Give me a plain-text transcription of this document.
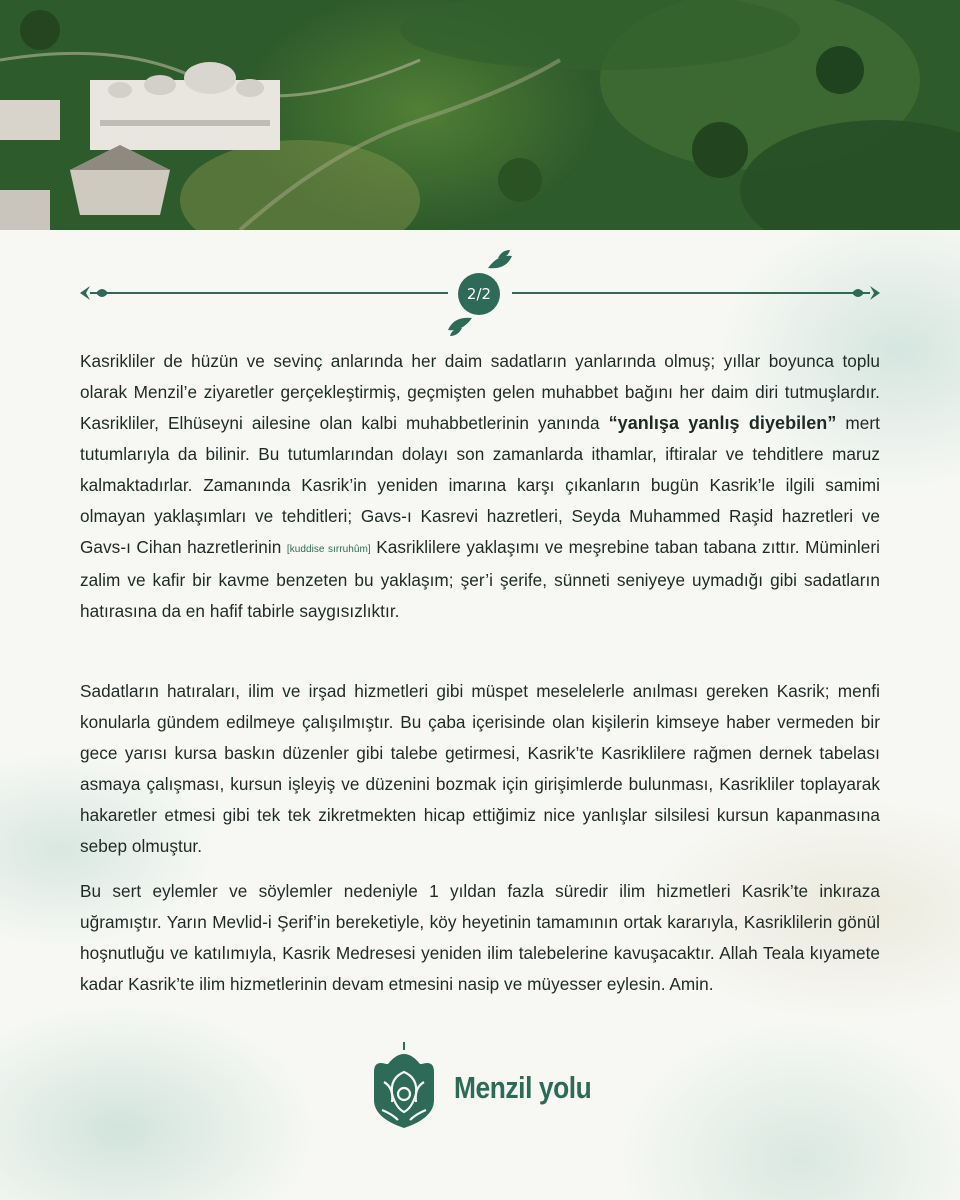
2/2
Kasrikliler de hüzün ve sevinç anlarında her daim sadatların yanlarında olmuş; yıllar boyunca toplu olarak Menzil’e ziyaretler gerçekleştirmiş, geçmişten gelen muhabbet bağını her daim diri tutmuşlardır. Kasrikliler, Elhüseyni ailesine olan kalbi muhabbetlerinin yanında “yanlışa yanlış diyebilen” mert tutumlarıyla da bilinir. Bu tutumlarından dolayı son zamanlarda ithamlar, iftiralar ve tehditlere maruz kalmaktadırlar. Zamanında Kasrik’in yeniden imarına karşı çıkanların bugün Kasrik’le ilgili samimi olmayan yaklaşımları ve tehditleri; Gavs-ı Kasrevi hazretleri, Seyda Muhammed Raşid hazretleri ve Gavs-ı Cihan hazretlerinin [kuddise sırruhûm] Kasriklilere yaklaşımı ve meşrebine taban tabana zıttır. Müminleri zalim ve kafir bir kavme benzeten bu yaklaşım; şer’i şerife, sünneti seniyeye uymadığı gibi sadatların hatırasına da en hafif tabirle saygısızlıktır.
Sadatların hatıraları, ilim ve irşad hizmetleri gibi müspet meselelerle anılması gereken Kasrik; menfi konularla gündem edilmeye çalışılmıştır. Bu çaba içerisinde olan kişilerin kimseye haber vermeden bir gece yarısı kursa baskın düzenler gibi talebe getirmesi, Kasrik’te Kasriklilere rağmen dernek tabelası asmaya çalışması, kursun işleyiş ve düzenini bozmak için girişimlerde bulunması, Kasrikliler toplayarak hakaretler etmesi gibi tek tek zikretmekten hicap ettiğimiz nice yanlışlar silsilesi kursun kapanmasına sebep olmuştur.
Bu sert eylemler ve söylemler nedeniyle 1 yıldan fazla süredir ilim hizmetleri Kasrik’te inkıraza uğramıştır. Yarın Mevlid-i Şerif’in bereketiyle, köy heyetinin tamamının ortak kararıyla, Kasriklilerin gönül hoşnutluğu ve katılımıyla, Kasrik Medresesi yeniden ilim talebelerine kavuşacaktır. Allah Teala kıyamete kadar Kasrik’te ilim hizmetlerinin devam etmesini nasip ve müyesser eylesin. Amin.
Menzil yolu
